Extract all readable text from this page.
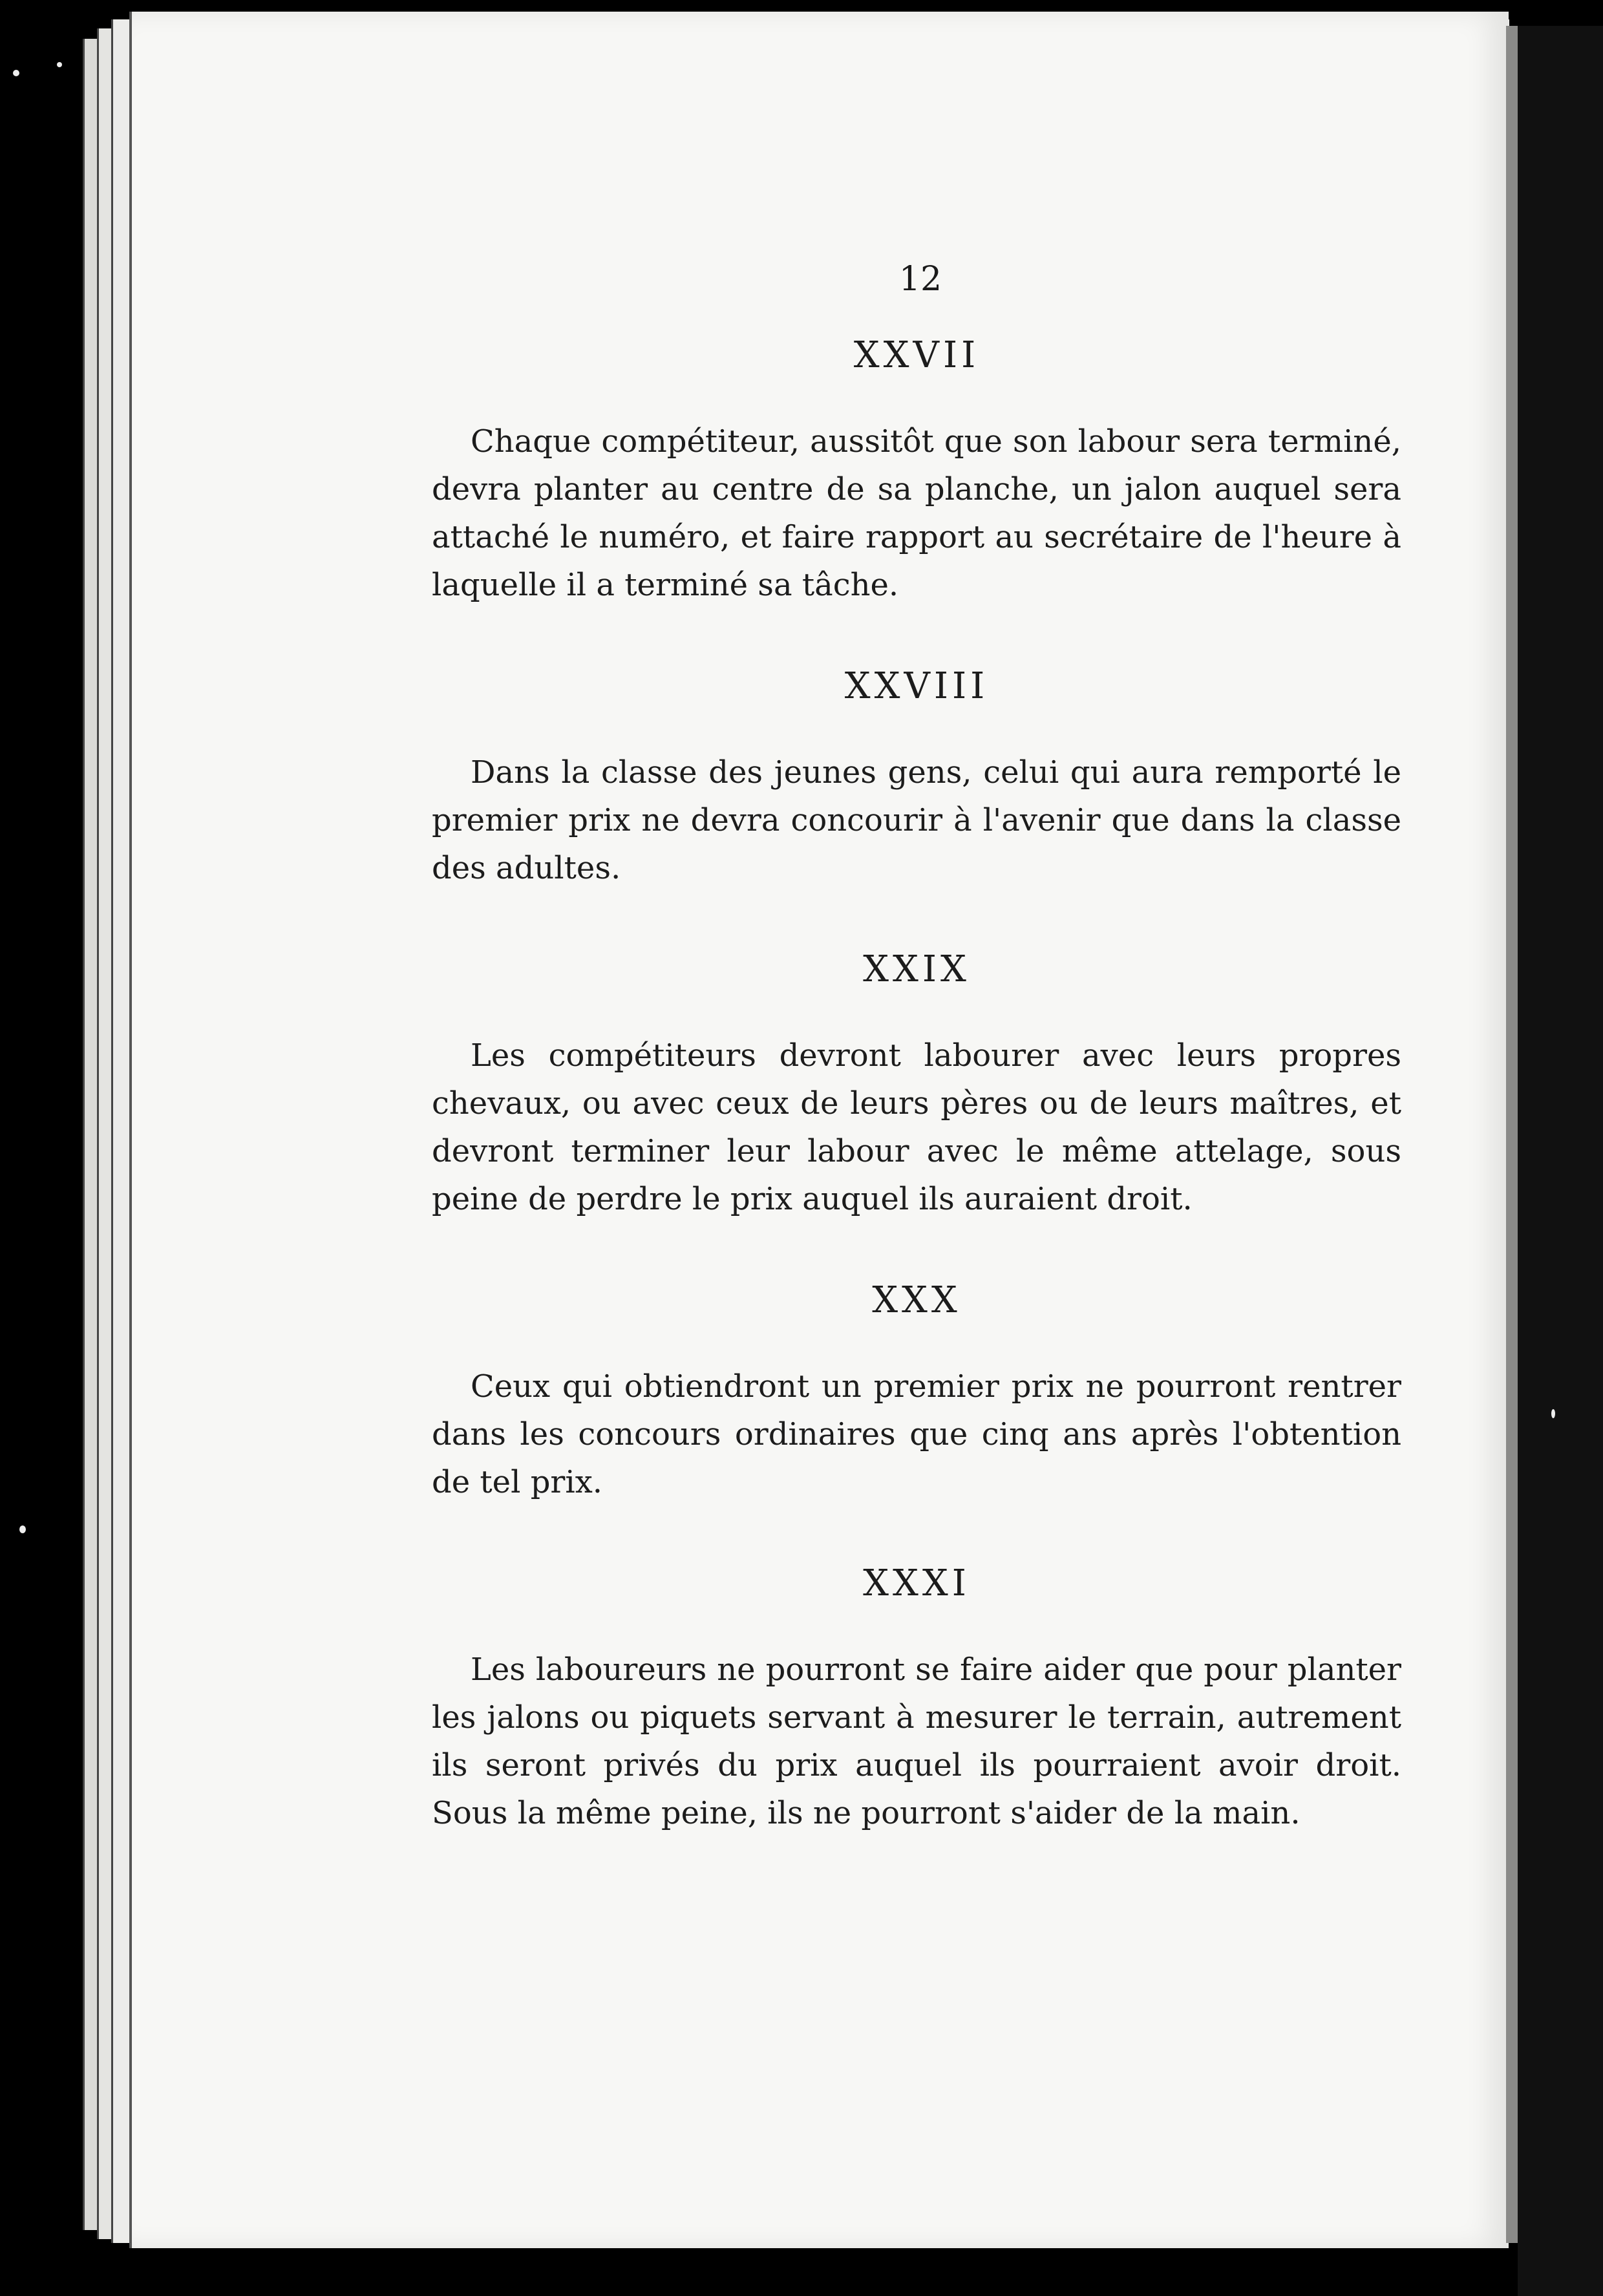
12
XXVII

Chaque compétiteur, aussitôt que son labour sera terminé, devra planter au centre de sa planche, un jalon auquel sera attaché le numéro, et faire rapport au secrétaire de l'heure à laquelle il a terminé sa tâche.

XXVIII

Dans la classe des jeunes gens, celui qui aura remporté le premier prix ne devra concourir à l'avenir que dans la classe des adultes.

XXIX

Les compétiteurs devront labourer avec leurs propres chevaux, ou avec ceux de leurs pères ou de leurs maîtres, et devront terminer leur labour avec le même attelage, sous peine de perdre le prix auquel ils auraient droit.

XXX

Ceux qui obtiendront un premier prix ne pourront rentrer dans les concours ordinaires que cinq ans après l'obtention de tel prix.

XXXI

Les laboureurs ne pourront se faire aider que pour planter les jalons ou piquets servant à mesurer le terrain, autrement ils seront privés du prix auquel ils pourraient avoir droit. Sous la même peine, ils ne pourront s'aider de la main.
